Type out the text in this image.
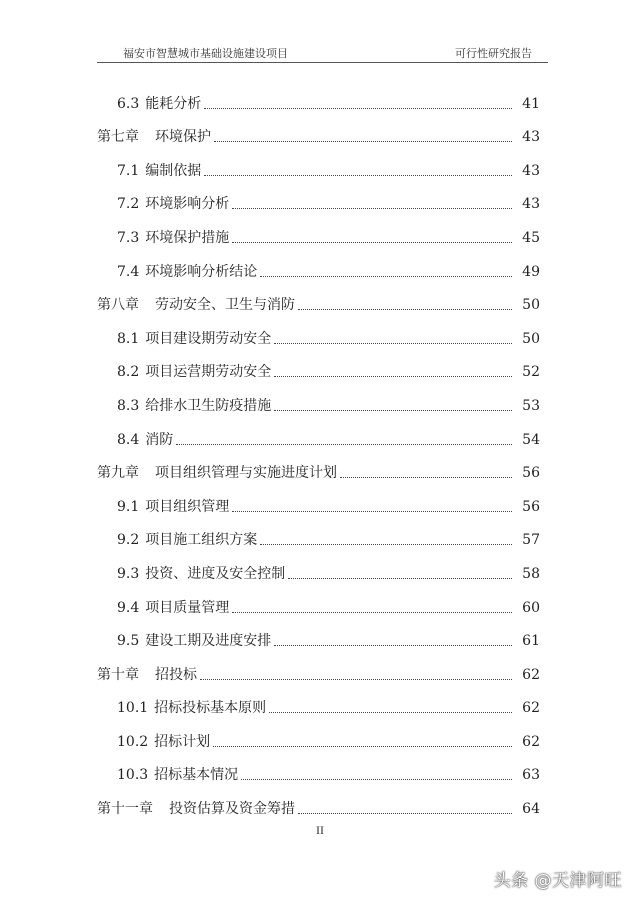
福安市智慧城市基础设施建设项目	可行性研究报告
6.3 能耗分析	41
第七章 环境保护	43
7.1 编制依据	43
7.2 环境影响分析	43
7.3 环境保护措施	45
7.4 环境影响分析结论	49
第八章 劳动安全、卫生与消防	50
8.1 项目建设期劳动安全	50
8.2 项目运营期劳动安全	52
8.3 给排水卫生防疫措施	53
8.4 消防	54
第九章 项目组织管理与实施进度计划	56
9.1 项目组织管理	56
9.2 项目施工组织方案	57
9.3 投资、进度及安全控制	58
9.4 项目质量管理	60
9.5 建设工期及进度安排	61
第十章 招投标	62
10.1 招标投标基本原则	62
10.2 招标计划	62
10.3 招标基本情况	63
第十一章 投资估算及资金筹措	64
II
头条 @天津阿旺
